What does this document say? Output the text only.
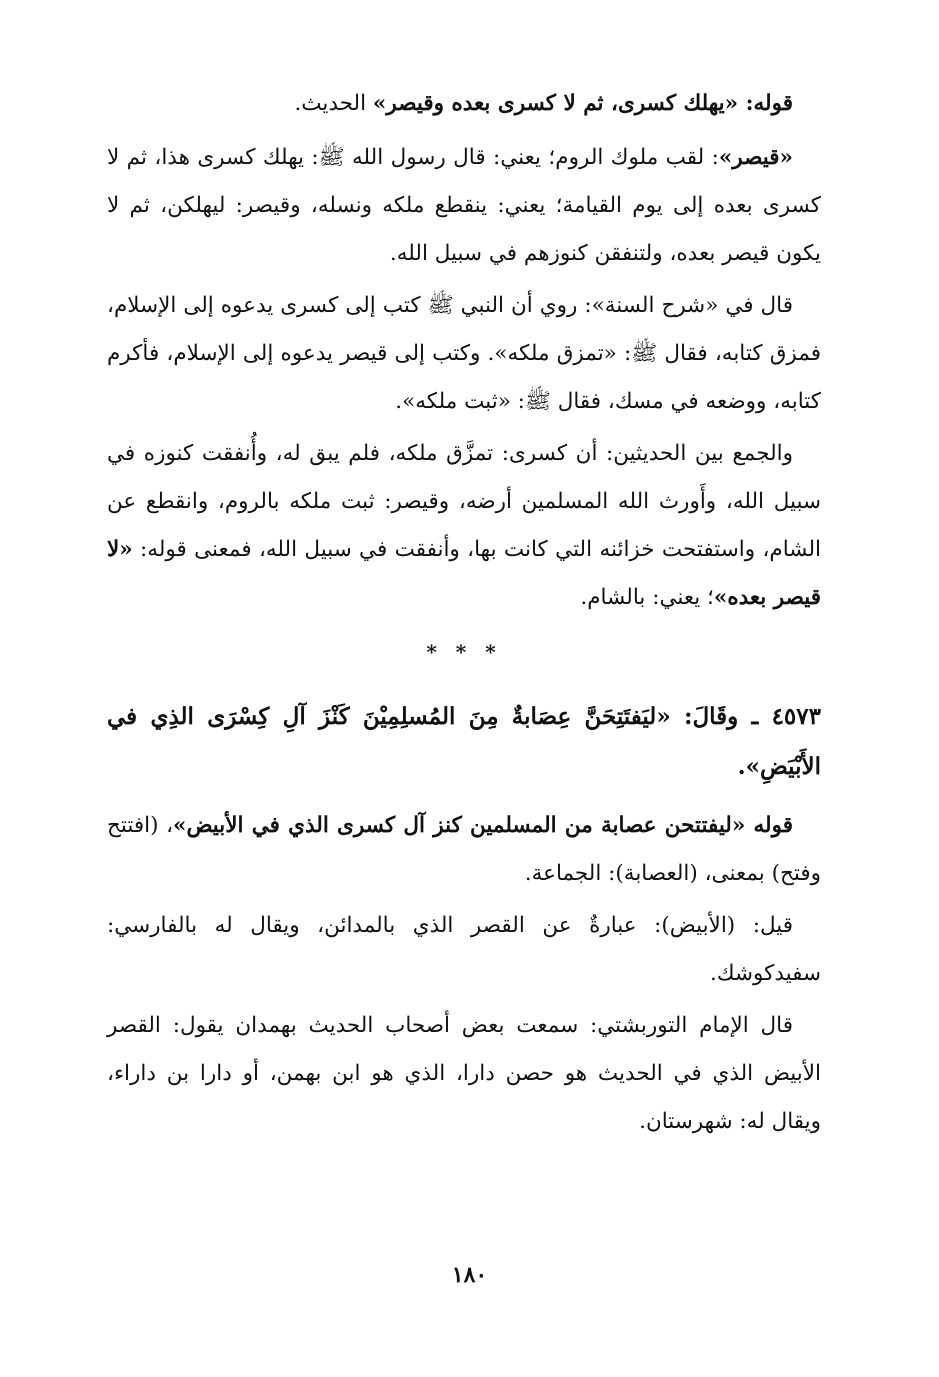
قوله: «يهلك كسرى، ثم لا كسرى بعده وقيصر» الحديث.

«قيصر»: لقب ملوك الروم؛ يعني: قال رسول الله ﷺ: يهلك كسرى هذا، ثم لا كسرى بعده إلى يوم القيامة؛ يعني: ينقطع ملكه ونسله، وقيصر: ليهلكن، ثم لا يكون قيصر بعده، ولتنفقن كنوزهم في سبيل الله.

قال في «شرح السنة»: روي أن النبي ﷺ كتب إلى كسرى يدعوه إلى الإسلام، فمزق كتابه، فقال ﷺ: «تمزق ملكه». وكتب إلى قيصر يدعوه إلى الإسلام، فأكرم كتابه، ووضعه في مسك، فقال ﷺ: «ثبت ملكه».

والجمع بين الحديثين: أن كسرى: تمزَّق ملكه، فلم يبق له، وأُنفقت كنوزه في سبيل الله، وأَورث الله المسلمين أرضه، وقيصر: ثبت ملكه بالروم، وانقطع عن الشام، واستفتحت خزائنه التي كانت بها، وأنفقت في سبيل الله، فمعنى قوله: «لا قيصر بعده»؛ يعني: بالشام.

* * *

٤٥٧٣ ـ وقَالَ: «ليَفتَتِحَنَّ عِصَابةٌ مِنَ المُسلِمِيْنَ كَنْزَ آلِ كِسْرَى الذِي في الأَبْيَضِ».

قوله «ليفتتحن عصابة من المسلمين كنز آل كسرى الذي في الأبيض»، (افتتح وفتح) بمعنى، (العصابة): الجماعة.

قيل: (الأبيض): عبارةٌ عن القصر الذي بالمدائن، ويقال له بالفارسي: سفيدكوشك.

قال الإمام التوربشتي: سمعت بعض أصحاب الحديث بهمدان يقول: القصر الأبيض الذي في الحديث هو حصن دارا، الذي هو ابن بهمن، أو دارا بن داراء، ويقال له: شهرستان.

١٨٠
